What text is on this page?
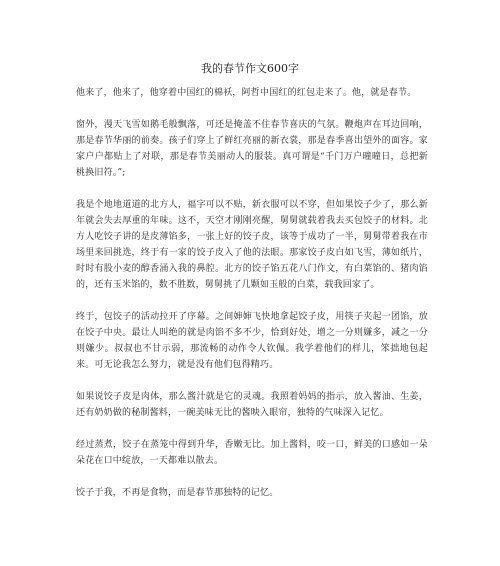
我的春节作文600字

他来了，他来了，他穿着中国红的棉袄，阿哲中国红的红包走来了。他，就是春节。

窗外，漫天飞雪如鹅毛般飘落，可还是掩盖不住春节喜庆的气氛。鞭炮声在耳边回响，那是春节华丽的前奏。孩子们穿上了鲜红亮丽的新衣裳，那是春季喜出望外的面容。家家户户都贴上了对联，那是春节美丽动人的服装。真可谓是“千门万户曈曈日，总把新桃换旧符。”;

我是个地地道道的北方人，福字可以不贴，新衣服可以不穿，但如果饺子少了，那么新年就会失去厚重的年味。这不，天空才刚刚亮醒，舅舅就载着我去买包饺子的材料。北方人吃饺子讲的是皮薄馅多，一张上好的饺子皮，该等于成功了一半，舅舅带着我在市场里来回挑选，终于有一家的饺子皮入了他的法眼。那家饺子皮白如飞雪，薄如纸片，时时有股小麦的醇香涌入我的鼻腔。北方的饺子馅五花八门作文，有白菜馅的、猪肉馅的，还有玉米馅的，数不胜数，舅舅挑了几颗如玉般的白菜，载我回家了。

终于，包饺子的活动拉开了序幕。之间婶婶飞快地拿起饺子皮，用筷子夹起一团馅，放在饺子中央。最让人叫绝的就是肉馅不多不少，恰到好处，增之一分则嫌多，减之一分则嫌少。叔叔也不甘示弱，那流畅的动作令人钦佩。我学着他们的样儿，笨拙地包起来。可无论我怎么努力，就是没有他们包得精巧。

如果说饺子皮是肉体，那么酱汁就是它的灵魂。我照着妈妈的指示，放入酱油、生姜，还有奶奶做的秘制酱料，一碗美味无比的酱映入眼帘，独特的气味深入记忆。

经过蒸煮，饺子在蒸笼中得到升华，香嫩无比。加上酱料，咬一口，鲜美的口感如一朵朵花在口中绽放，一天都难以散去。

饺子于我，不再是食物，而是春节那独特的记忆。
